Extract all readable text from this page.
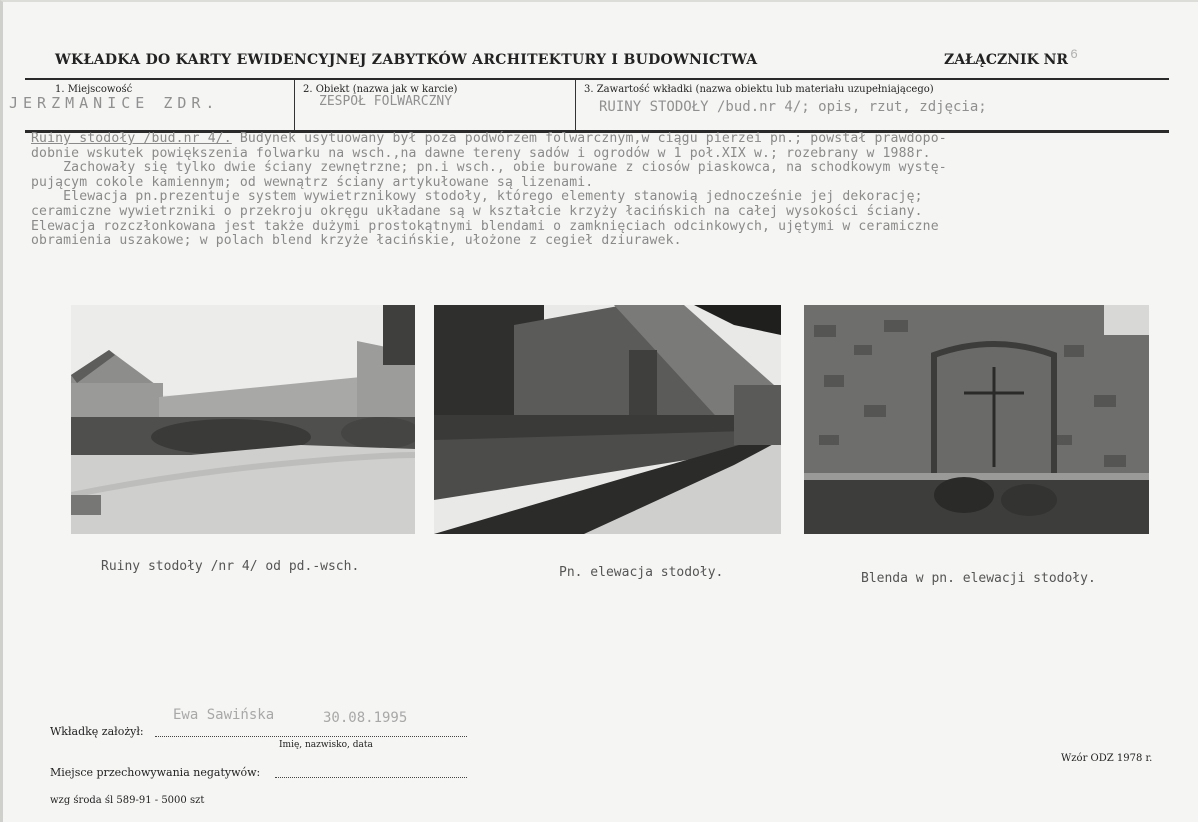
WKŁADKA DO KARTY EWIDENCYJNEJ ZABYTKÓW ARCHITEKTURY I BUDOWNICTWA	ZAŁĄCZNIK NR 6
1. Miejscowość	2. Obiekt (nazwa jak w karcie)	3. Zawartość wkładki (nazwa obiektu lub materiału uzupełniającego)
JERZMANICE ZDR.	ZESPÓŁ FOLWARCZNY	RUINY STODOŁY /bud.nr 4/; opis, rzut, zdjęcia;
Ruiny stodoły /bud.nr 4/. Budynek usytuowany był poza podwórzem folwarcznym,w ciągu pierzei pn.; powstał prawdopo-
dobnie wskutek powiększenia folwarku na wsch.,na dawne tereny sadów i ogrodów w 1 poł.XIX w.; rozebrany w 1988r.
Zachowały się tylko dwie ściany zewnętrzne; pn.i wsch., obie burowane z ciosów piaskowca, na schodkowym wystę-
pującym cokole kamiennym; od wewnątrz ściany artykułowane są lizenami.
Elewacja pn.prezentuje system wywietrznikowy stodoły, którego elementy stanowią jednocześnie jej dekorację;
ceramiczne wywietrzniki o przekroju okręgu układane są w kształcie krzyży łacińskich na całej wysokości ściany.
Elewacja rozczłonkowana jest także dużymi prostokątnymi blendami o zamknięciach odcinkowych, ujętymi w ceramiczne
obramienia uszakowe; w polach blend krzyże łacińskie, ułożone z cegieł dziurawek.
Ruiny stodoły /nr 4/ od pd.-wsch.	Pn. elewacja stodoły.	Blenda w pn. elewacji stodoły.
Ewa Sawińska	30.08.1995
Wkładkę założył:
Imię, nazwisko, data
Wzór ODZ 1978 r.
Miejsce przechowywania negatywów:
wzg środa śl 589-91 - 5000 szt
